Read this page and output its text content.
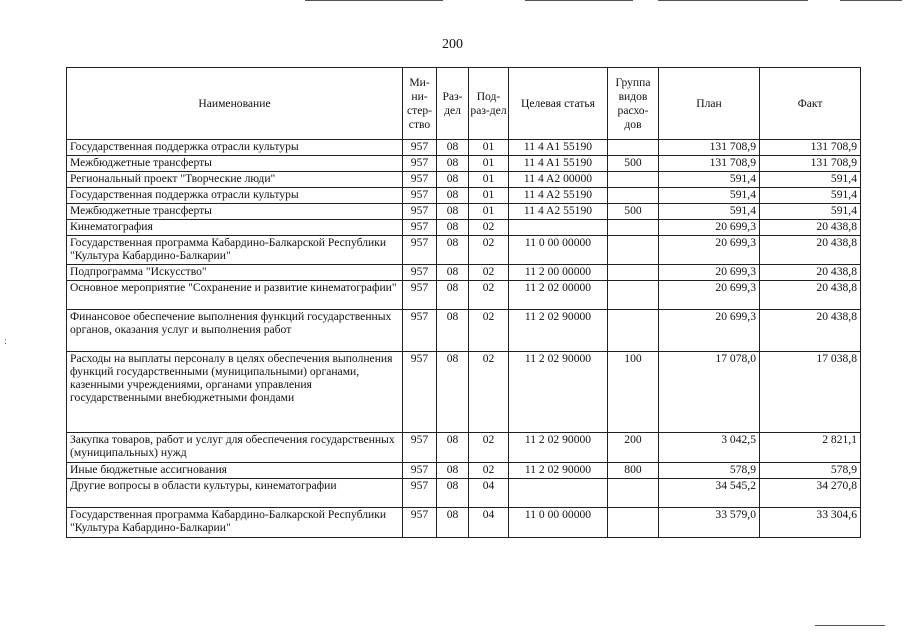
200
:
Наименование	Ми-ни-стер-ство	Раз-дел	Под-раз-дел	Целевая статья	Группа видов расхо-дов	План	Факт
Государственная поддержка отрасли культуры	957	08	01	11 4 A1 55190		131 708,9	131 708,9
Межбюджетные трансферты	957	08	01	11 4 A1 55190	500	131 708,9	131 708,9
Региональный проект "Творческие люди"	957	08	01	11 4 A2 00000		591,4	591,4
Государственная поддержка отрасли культуры	957	08	01	11 4 A2 55190		591,4	591,4
Межбюджетные трансферты	957	08	01	11 4 A2 55190	500	591,4	591,4
Кинематография	957	08	02			20 699,3	20 438,8
Государственная программа Кабардино-Балкарской Республики "Культура Кабардино-Балкарии"	957	08	02	11 0 00 00000		20 699,3	20 438,8
Подпрограмма "Искусство"	957	08	02	11 2 00 00000		20 699,3	20 438,8
Основное мероприятие "Сохранение и развитие кинематографии"	957	08	02	11 2 02 00000		20 699,3	20 438,8
Финансовое обеспечение выполнения функций государственных органов, оказания услуг и выполнения работ	957	08	02	11 2 02 90000		20 699,3	20 438,8
Расходы на выплаты персоналу в целях обеспечения выполнения функций государственными (муниципальными) органами, казенными учреждениями, органами управления государственными внебюджетными фондами	957	08	02	11 2 02 90000	100	17 078,0	17 038,8
Закупка товаров, работ и услуг для обеспечения государственных (муниципальных) нужд	957	08	02	11 2 02 90000	200	3 042,5	2 821,1
Иные бюджетные ассигнования	957	08	02	11 2 02 90000	800	578,9	578,9
Другие вопросы в области культуры, кинематографии	957	08	04			34 545,2	34 270,8
Государственная программа Кабардино-Балкарской Республики "Культура Кабардино-Балкарии"	957	08	04	11 0 00 00000		33 579,0	33 304,6
